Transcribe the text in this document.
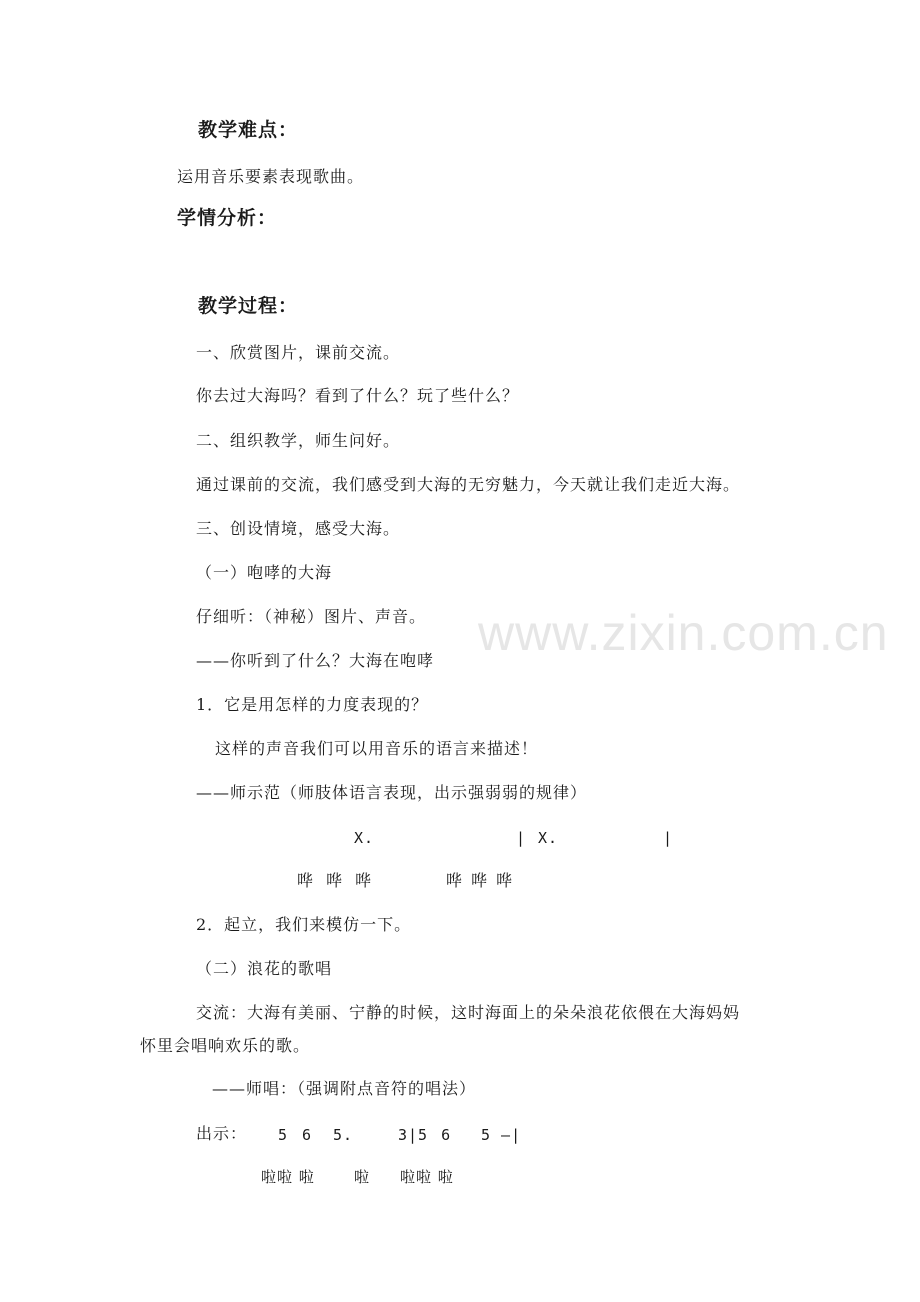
教学难点：
运用音乐要素表现歌曲。
学情分析：
教学过程：
一、欣赏图片，课前交流。
你去过大海吗？看到了什么？玩了些什么？
二、组织教学，师生问好。
通过课前的交流，我们感受到大海的无穷魅力，今天就让我们走近大海。
三、创设情境，感受大海。
（一）咆哮的大海
仔细听：（神秘）图片、声音。
——你听到了什么？大海在咆哮
1．它是用怎样的力度表现的？
这样的声音我们可以用音乐的语言来描述！
——师示范（师肢体语言表现，出示强弱弱的规律）
X.	| X.	|
哗 哗 哗	哗 哗 哗
2．起立，我们来模仿一下。
（二）浪花的歌唱
交流：大海有美丽、宁静的时候，这时海面上的朵朵浪花依偎在大海妈妈
怀里会唱响欢乐的歌。
——师唱：（强调附点音符的唱法）
出示： 5 6 5.	3|5 6 5 —|
啦啦 啦	啦 啦啦 啦
www.zixin.com.cn
